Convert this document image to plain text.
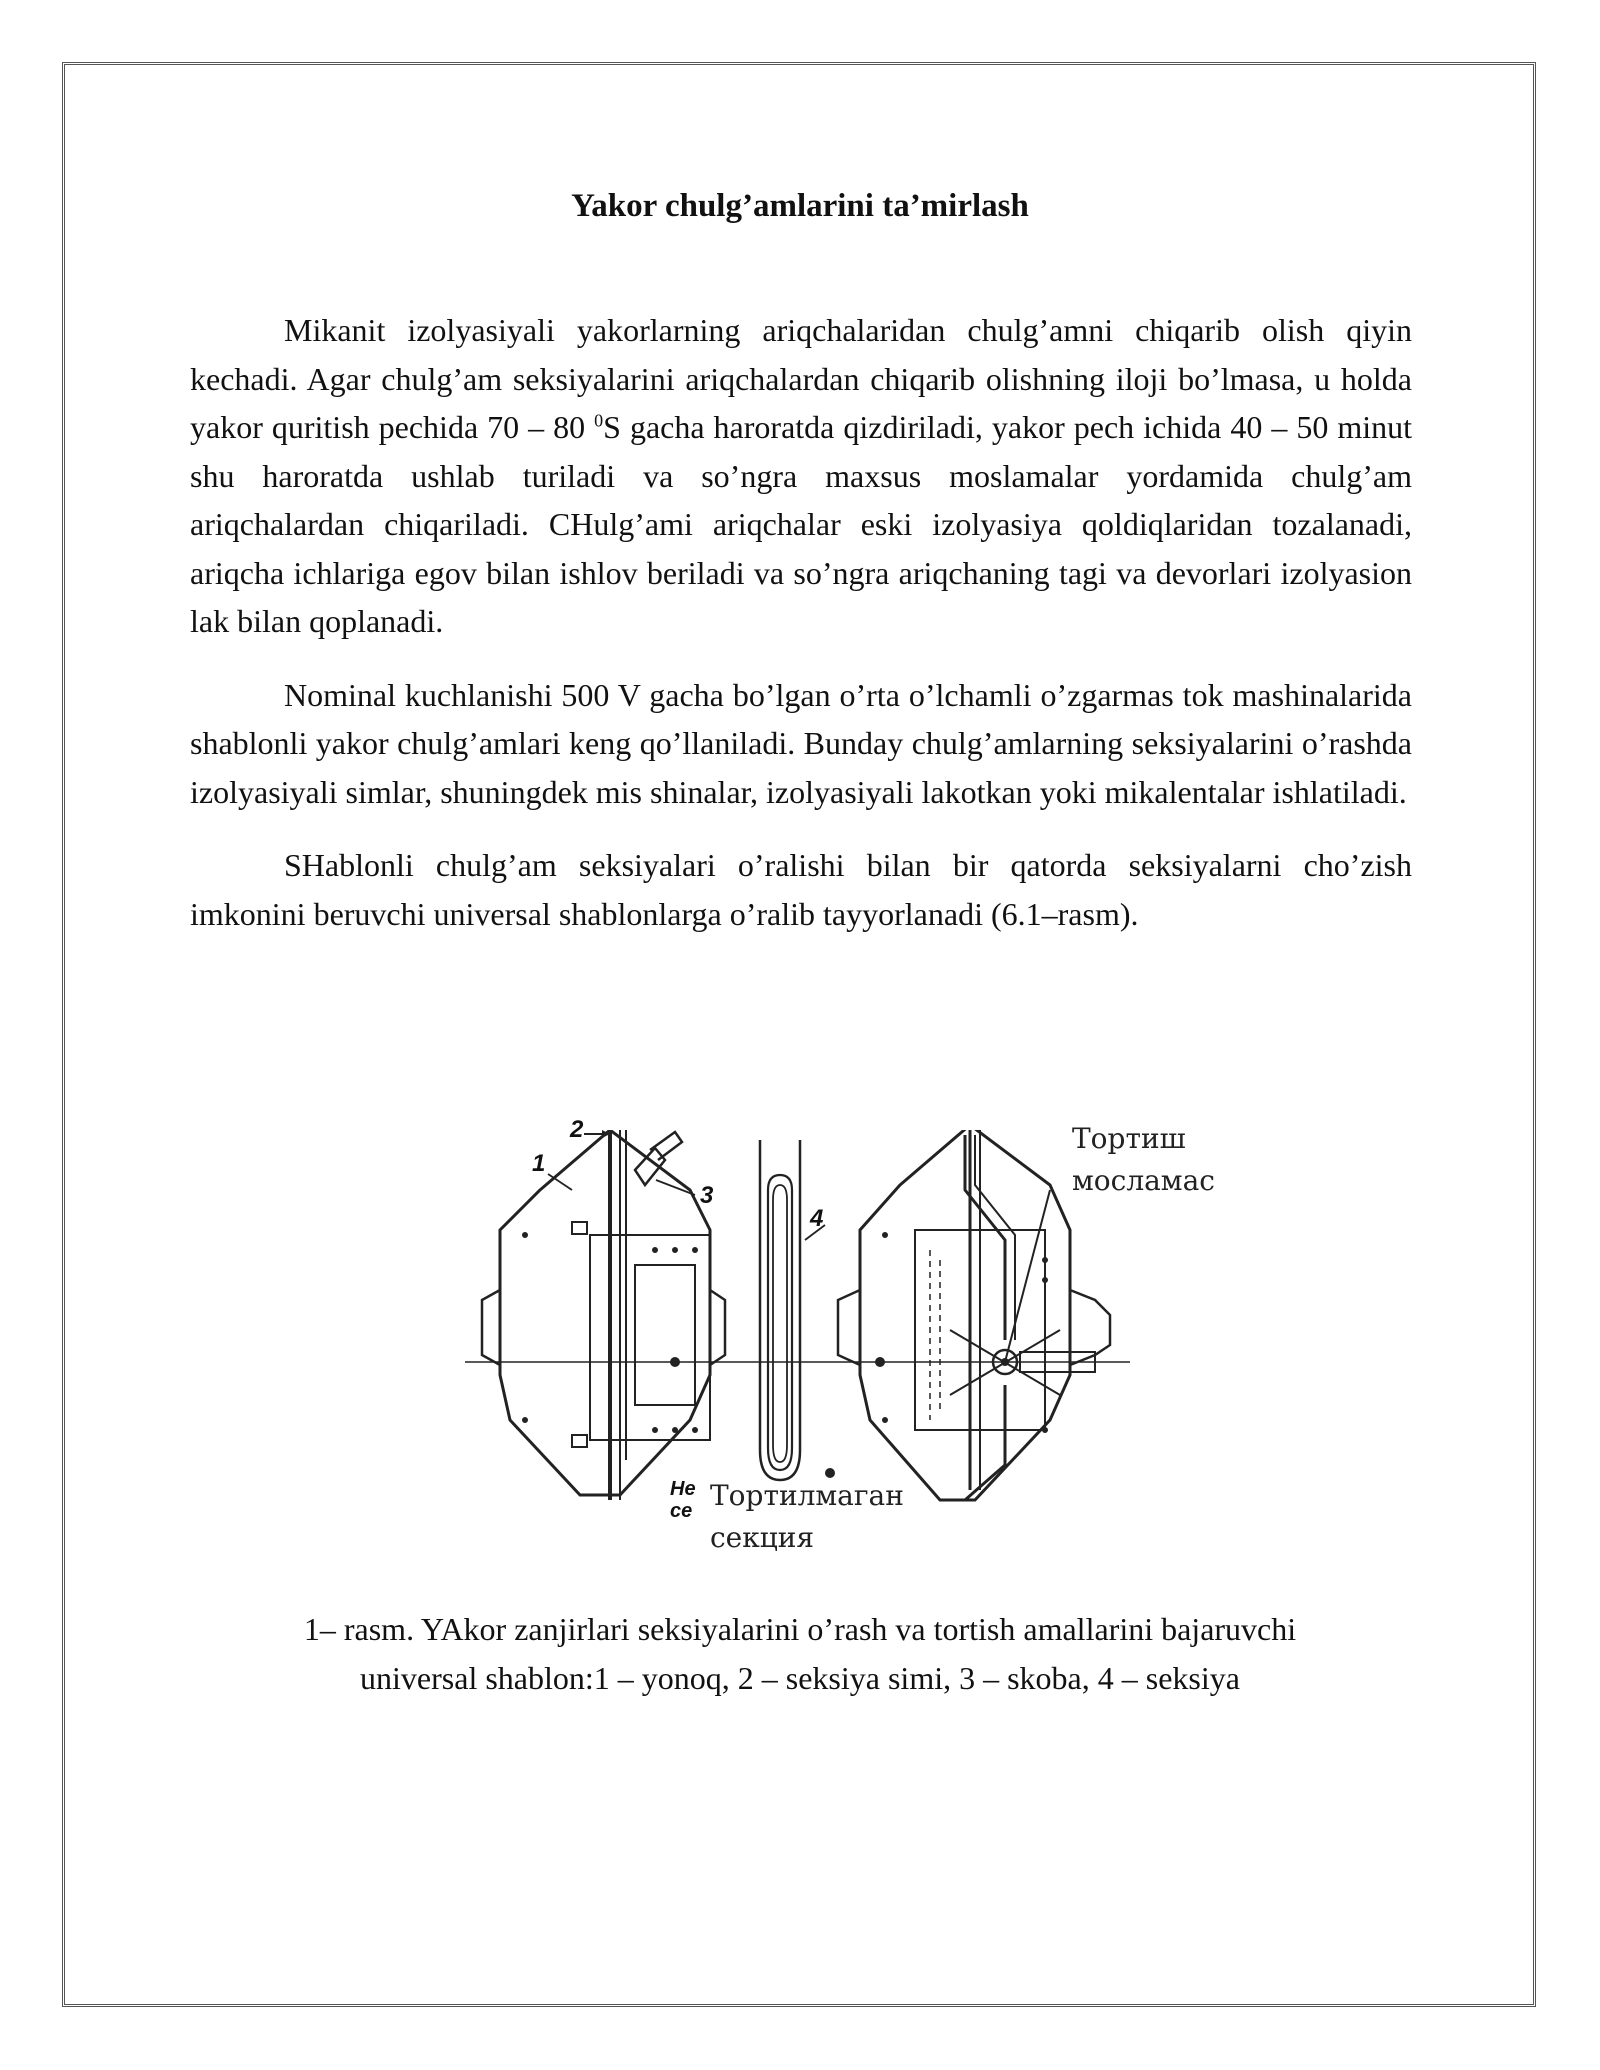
Yakor chulg’amlarini ta’mirlash

Mikanit izolyasiyali yakorlarning ariqchalaridan chulg’amni chiqarib olish qiyin kechadi. Agar chulg’am seksiyalarini ariqchalardan chiqarib olishning iloji bo’lmasa, u holda yakor quritish pechida 70 – 80 $^0$S gacha haroratda qizdiriladi, yakor pech ichida 40 – 50 minut shu haroratda ushlab turiladi va so’ngra maxsus moslamalar yordamida chulg’am ariqchalardan chiqariladi. CHulg’ami ariqchalar eski izolyasiya qoldiqlaridan tozalanadi, ariqcha ichlariga egov bilan ishlov beriladi va so’ngra ariqchaning tagi va devorlari izolyasion lak bilan qoplanadi.

Nominal kuchlanishi 500 V gacha bo’lgan o’rta o’lchamli o’zgarmas tok mashinalarida shablonli yakor chulg’amlari keng qo’llaniladi. Bunday chulg’amlarning seksiyalarini o’rashda izolyasiyali simlar, shuningdek mis shinalar, izolyasiyali lakotkan yoki mikalentalar ishlatiladi.

SHablonli chulg’am seksiyalari o’ralishi bilan bir qatorda seksiyalarni cho’zish imkonini beruvchi universal shablonlarga o’ralib tayyorlanadi (6.1–rasm).

1
2
3
4
Не
се
Тортиш
мосламас
Тортилмаган
секция
1– rasm. YAkor zanjirlari seksiyalarini o’rash va tortish amallarini bajaruvchi
universal shablon:1 – yonoq, 2 – seksiya simi, 3 – skoba, 4 – seksiya
